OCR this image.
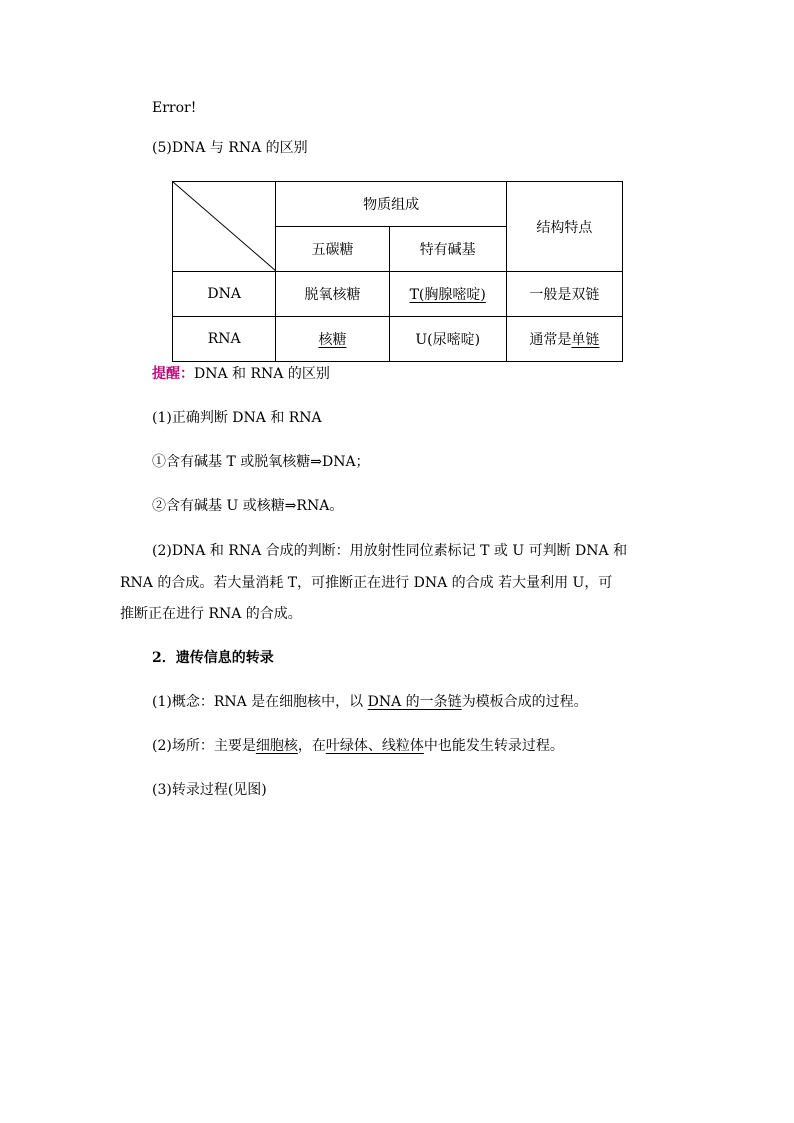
Error!
(5)DNA 与 RNA 的区别
	物质组成		结构特点
	五碳糖	特有碱基	
DNA	脱氧核糖	T(胸腺嘧啶)	一般是双链
RNA	核糖	U(尿嘧啶)	通常是单链
提醒：DNA 和 RNA 的区别
(1)正确判断 DNA 和 RNA
①含有碱基 T 或脱氧核糖⇒DNA；
②含有碱基 U 或核糖⇒RNA。
(2)DNA 和 RNA 合成的判断：用放射性同位素标记 T 或 U 可判断 DNA 和
RNA 的合成。若大量消耗 T，可推断正在进行 DNA 的合成 若大量利用 U，可
推断正在进行 RNA 的合成。
2．遗传信息的转录
(1)概念：RNA 是在细胞核中，以 DNA 的一条链为模板合成的过程。
(2)场所：主要是细胞核，在叶绿体、线粒体中也能发生转录过程。
(3)转录过程(见图)
